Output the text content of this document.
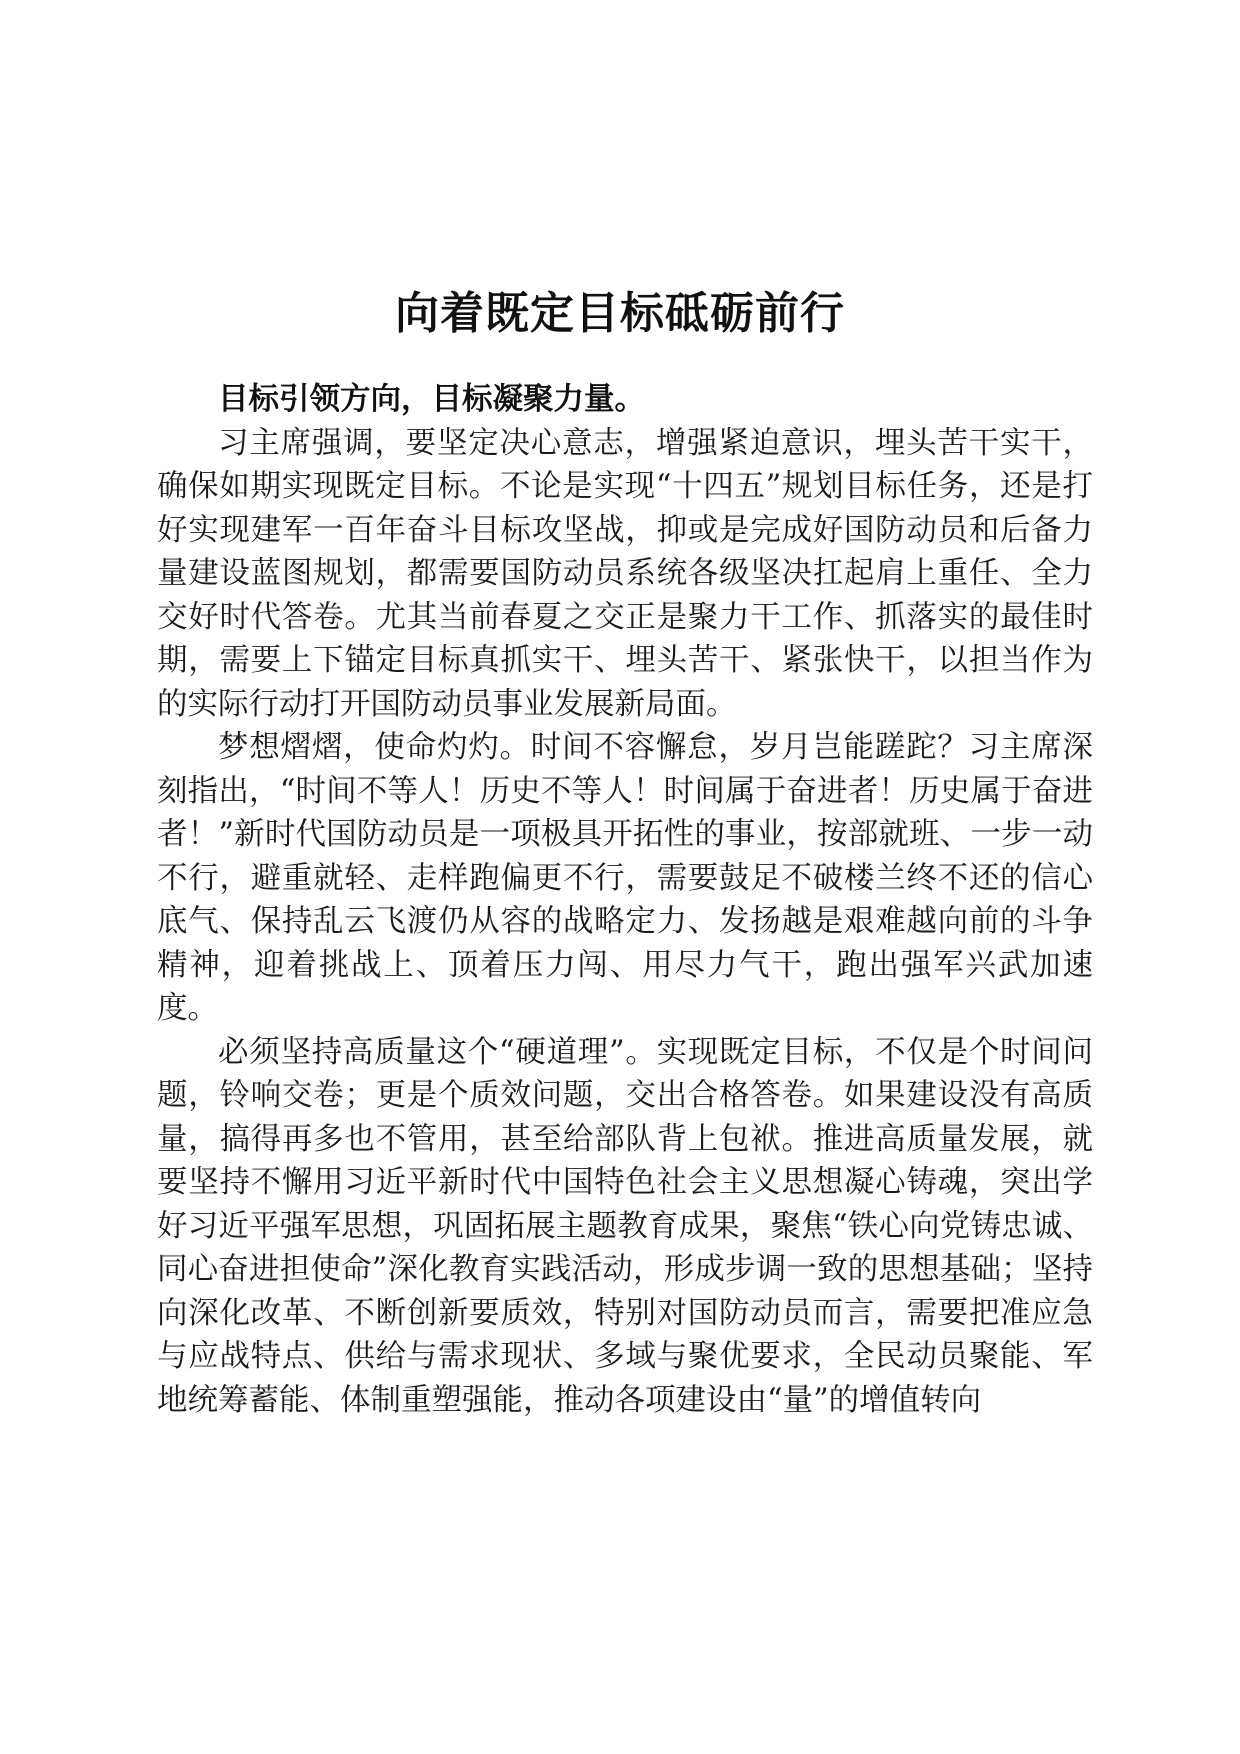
向着既定目标砥砺前行

目标引领方向，目标凝聚力量。

习主席强调，要坚定决心意志，增强紧迫意识，埋头苦干实干，确保如期实现既定目标。不论是实现“十四五”规划目标任务，还是打好实现建军一百年奋斗目标攻坚战，抑或是完成好国防动员和后备力量建设蓝图规划，都需要国防动员系统各级坚决扛起肩上重任、全力交好时代答卷。尤其当前春夏之交正是聚力干工作、抓落实的最佳时期，需要上下锚定目标真抓实干、埋头苦干、紧张快干，以担当作为的实际行动打开国防动员事业发展新局面。

梦想熠熠，使命灼灼。时间不容懈怠，岁月岂能蹉跎？习主席深刻指出，“时间不等人！历史不等人！时间属于奋进者！历史属于奋进者！”新时代国防动员是一项极具开拓性的事业，按部就班、一步一动不行，避重就轻、走样跑偏更不行，需要鼓足不破楼兰终不还的信心底气、保持乱云飞渡仍从容的战略定力、发扬越是艰难越向前的斗争精神，迎着挑战上、顶着压力闯、用尽力气干，跑出强军兴武加速度。

必须坚持高质量这个“硬道理”。实现既定目标，不仅是个时间问题，铃响交卷；更是个质效问题，交出合格答卷。如果建设没有高质量，搞得再多也不管用，甚至给部队背上包袱。推进高质量发展，就要坚持不懈用习近平新时代中国特色社会主义思想凝心铸魂，突出学好习近平强军思想，巩固拓展主题教育成果，聚焦“铁心向党铸忠诚、同心奋进担使命”深化教育实践活动，形成步调一致的思想基础；坚持向深化改革、不断创新要质效，特别对国防动员而言，需要把准应急与应战特点、供给与需求现状、多域与聚优要求，全民动员聚能、军地统筹蓄能、体制重塑强能，推动各项建设由“量”的增值转向
